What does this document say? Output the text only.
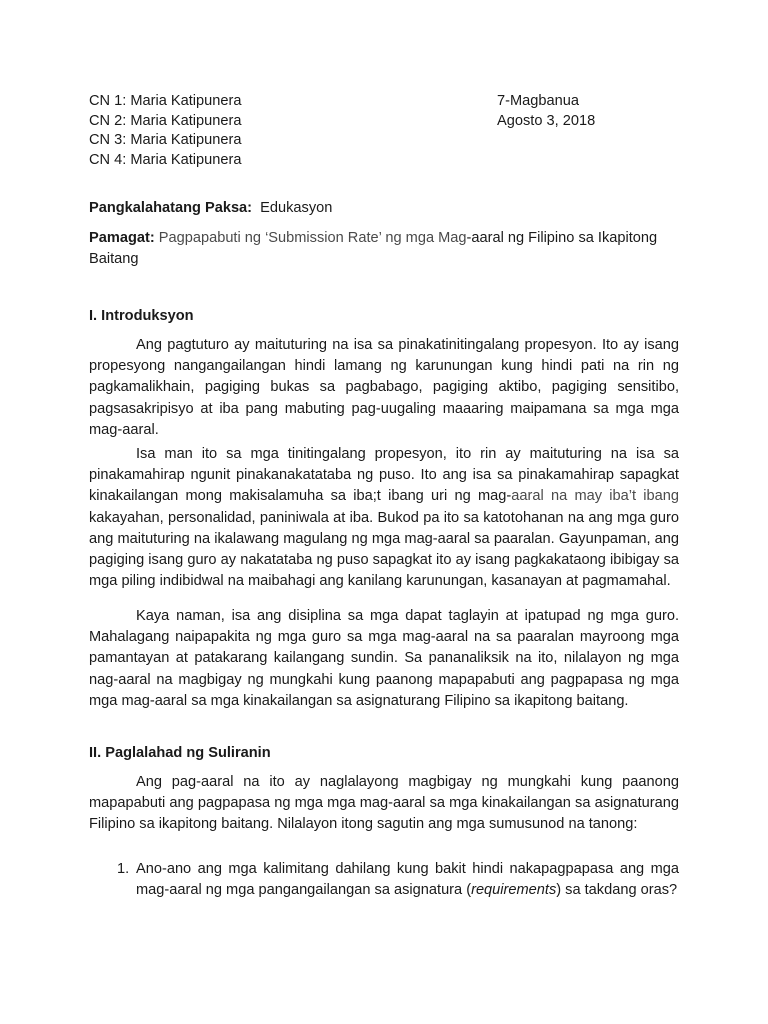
CN 1: Maria Katipunera
CN 2: Maria Katipunera
CN 3: Maria Katipunera
CN 4: Maria Katipunera
7-Magbanua
Agosto 3, 2018
Pangkalahatang Paksa: Edukasyon
Pamagat: Pagpapabuti ng ‘Submission Rate’ ng mga Mag-aaral ng Filipino sa Ikapitong Baitang
I. Introduksyon
Ang pagtuturo ay maituturing na isa sa pinakatinitingalang propesyon. Ito ay isang propesyong nangangailangan hindi lamang ng karunungan kung hindi pati na rin ng pagkamalikhain, pagiging bukas sa pagbabago, pagiging aktibo, pagiging sensitibo, pagsasakripisyo at iba pang mabuting pag-uugaling maaaring maipamana sa mga mga mag-aaral.
Isa man ito sa mga tinitingalang propesyon, ito rin ay maituturing na isa sa pinakamahirap ngunit pinakanakatataba ng puso. Ito ang isa sa pinakamahirap sapagkat kinakailangan mong makisalamuha sa iba;t ibang uri ng mag-aaral na may iba’t ibang kakayahan, personalidad, paniniwala at iba. Bukod pa ito sa katotohanan na ang mga guro ang maituturing na ikalawang magulang ng mga mag-aaral sa paaralan. Gayunpaman, ang pagiging isang guro ay nakatataba ng puso sapagkat ito ay isang pagkakataong ibibigay sa mga piling indibidwal na maibahagi ang kanilang karunungan, kasanayan at pagmamahal.
Kaya naman, isa ang disiplina sa mga dapat taglayin at ipatupad ng mga guro. Mahalagang naipapakita ng mga guro sa mga mag-aaral na sa paaralan mayroong mga pamantayan at patakarang kailangang sundin. Sa pananaliksik na ito, nilalayon ng mga nag-aaral na magbigay ng mungkahi kung paanong mapapabuti ang pagpapasa ng mga mga mag-aaral sa mga kinakailangan sa asignaturang Filipino sa ikapitong baitang.
II. Paglalahad ng Suliranin
Ang pag-aaral na ito ay naglalayong magbigay ng mungkahi kung paanong mapapabuti ang pagpapasa ng mga mga mag-aaral sa mga kinakailangan sa asignaturang Filipino sa ikapitong baitang. Nilalayon itong sagutin ang mga sumusunod na tanong:
1. Ano-ano ang mga kalimitang dahilang kung bakit hindi nakapagpapasa ang mga mag-aaral ng mga pangangailangan sa asignatura (requirements) sa takdang oras?
